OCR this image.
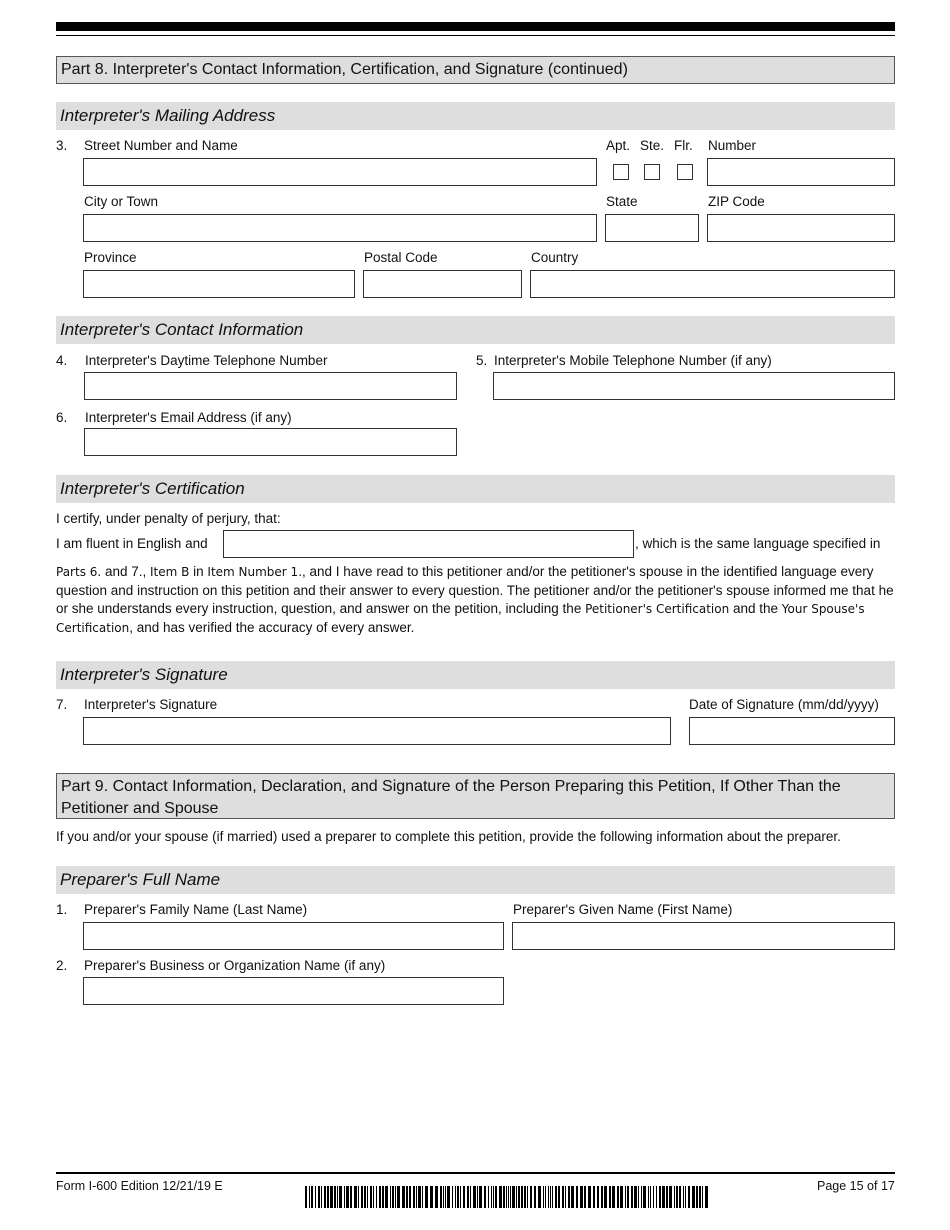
Part 8. Interpreter's Contact Information, Certification, and Signature (continued)
Interpreter's Mailing Address
3. Street Number and Name	Apt. Ste. Flr. Number
City or Town	State	ZIP Code
Province	Postal Code	Country
Interpreter's Contact Information
4. Interpreter's Daytime Telephone Number	5. Interpreter's Mobile Telephone Number (if any)
6. Interpreter's Email Address (if any)
Interpreter's Certification
I certify, under penalty of perjury, that:
I am fluent in English and	, which is the same language specified in
Parts 6. and 7., Item B in Item Number 1., and I have read to this petitioner and/or the petitioner's spouse in the identified language every question and instruction on this petition and their answer to every question. The petitioner and/or the petitioner's spouse informed me that he or she understands every instruction, question, and answer on the petition, including the Petitioner's Certification and the Your Spouse's Certification, and has verified the accuracy of every answer.
Interpreter's Signature
7. Interpreter's Signature	Date of Signature (mm/dd/yyyy)
Part 9. Contact Information, Declaration, and Signature of the Person Preparing this Petition, If Other Than the Petitioner and Spouse
If you and/or your spouse (if married) used a preparer to complete this petition, provide the following information about the preparer.
Preparer's Full Name
1. Preparer's Family Name (Last Name)	Preparer's Given Name (First Name)
2. Preparer's Business or Organization Name (if any)
Form I-600 Edition 12/21/19 E	Page 15 of 17
